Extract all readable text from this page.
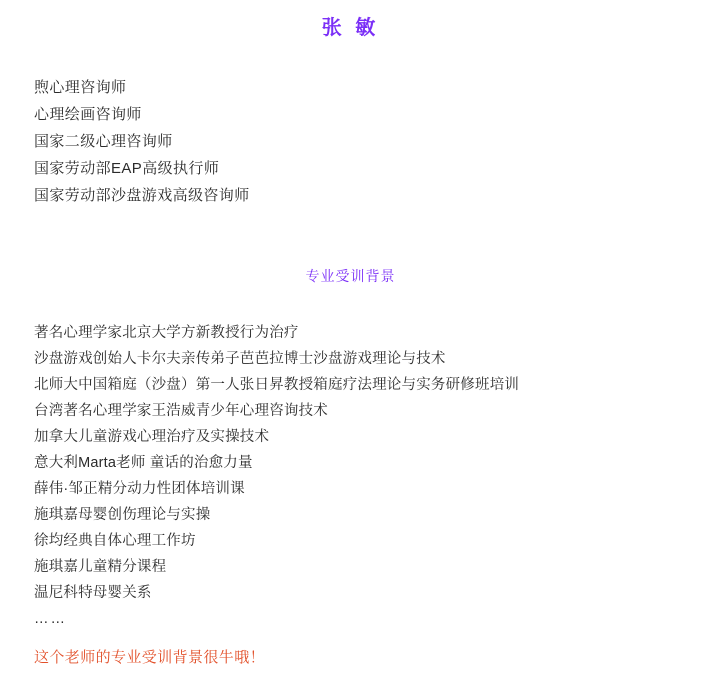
张 敏
煦心理咨询师
心理绘画咨询师
国家二级心理咨询师
国家劳动部EAP高级执行师
国家劳动部沙盘游戏高级咨询师
专业受训背景
著名心理学家北京大学方新教授行为治疗
沙盘游戏创始人卡尔夫亲传弟子芭芭拉博士沙盘游戏理论与技术
北师大中国箱庭（沙盘）第一人张日昇教授箱庭疗法理论与实务研修班培训
台湾著名心理学家王浩威青少年心理咨询技术
加拿大儿童游戏心理治疗及实操技术
意大利Marta老师 童话的治愈力量
薛伟·邹正精分动力性团体培训课
施琪嘉母婴创伤理论与实操
徐均经典自体心理工作坊
施琪嘉儿童精分课程
温尼科特母婴关系
……
这个老师的专业受训背景很牛哦！
